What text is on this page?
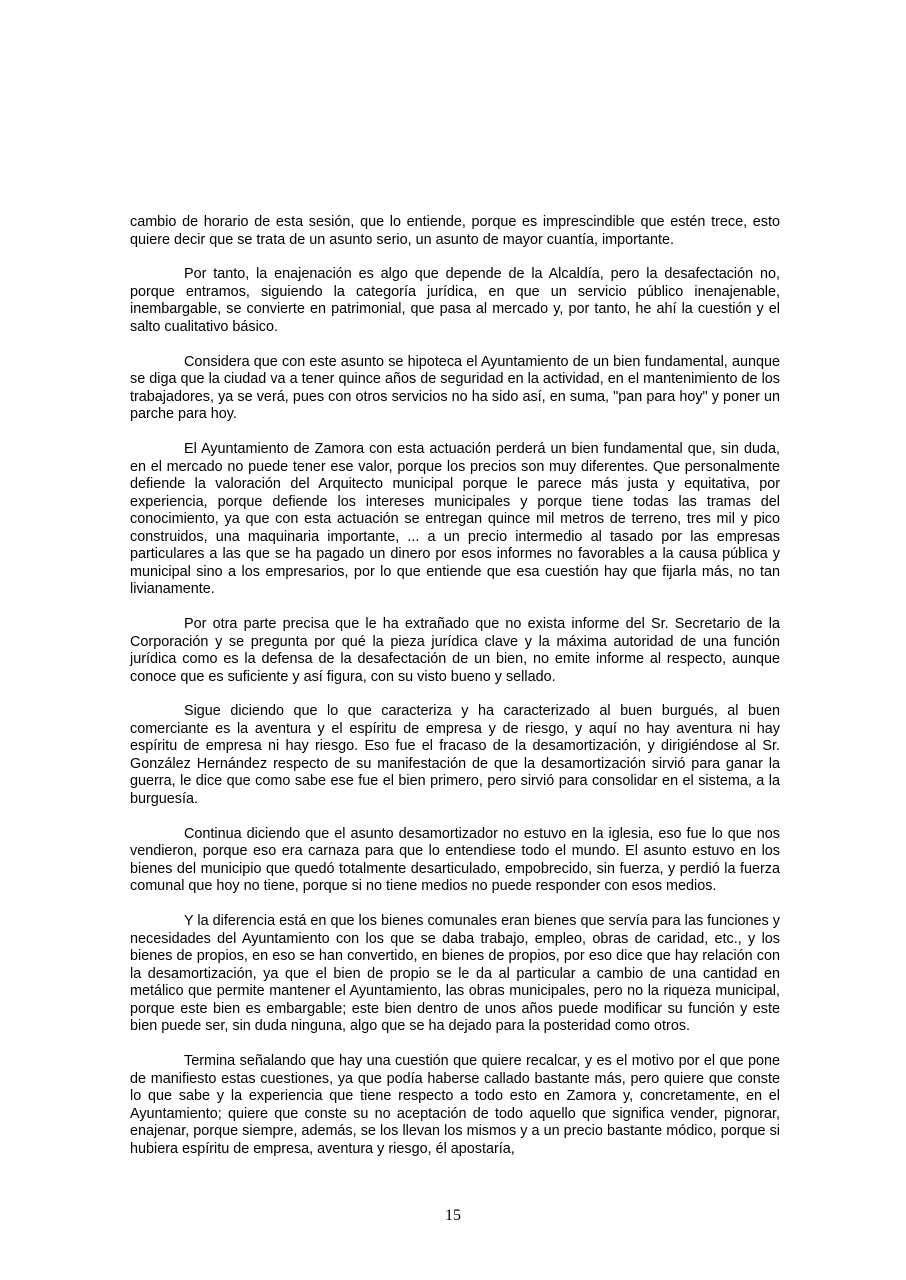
cambio de horario de esta sesión, que lo entiende, porque es imprescindible que estén trece, esto quiere decir que se trata de un asunto serio, un asunto de mayor cuantía, importante.

Por tanto, la enajenación es algo que depende de la Alcaldía, pero la desafectación no, porque entramos, siguiendo la categoría jurídica, en que un servicio público inenajenable, inembargable, se convierte en patrimonial, que pasa al mercado y, por tanto, he ahí la cuestión y el salto cualitativo básico.

Considera que con este asunto se hipoteca el Ayuntamiento de un bien fundamental, aunque se diga que la ciudad va a tener quince años de seguridad en la actividad, en el mantenimiento de los trabajadores, ya se verá, pues con otros servicios no ha sido así, en suma, "pan para hoy" y poner un parche para hoy.

El Ayuntamiento de Zamora con esta actuación perderá un bien fundamental que, sin duda, en el mercado no puede tener ese valor, porque los precios son muy diferentes. Que personalmente defiende la valoración del Arquitecto municipal porque le parece más justa y equitativa, por experiencia, porque defiende los intereses municipales y porque tiene todas las tramas del conocimiento, ya que con esta actuación se entregan quince mil metros de terreno, tres mil y pico construidos, una maquinaria importante, ... a un precio intermedio al tasado por las empresas particulares a las que se ha pagado un dinero por esos informes no favorables a la causa pública y municipal sino a los empresarios, por lo que entiende que esa cuestión hay que fijarla más, no tan livianamente.

Por otra parte precisa que le ha extrañado que no exista informe del Sr. Secretario de la Corporación y se pregunta por qué la pieza jurídica clave y la máxima autoridad de una función jurídica como es la defensa de la desafectación de un bien, no emite informe al respecto, aunque conoce que es suficiente y así figura, con su visto bueno y sellado.

Sigue diciendo que lo que caracteriza y ha caracterizado al buen burgués, al buen comerciante es la aventura y el espíritu de empresa y de riesgo, y aquí no hay aventura ni hay espíritu de empresa ni hay riesgo. Eso fue el fracaso de la desamortización, y dirigiéndose al Sr. González Hernández respecto de su manifestación de que la desamortización sirvió para ganar la guerra, le dice que como sabe ese fue el bien primero, pero sirvió para consolidar en el sistema, a la burguesía.

Continua diciendo que el asunto desamortizador no estuvo en la iglesia, eso fue lo que nos vendieron, porque eso era carnaza para que lo entendiese todo el mundo. El asunto estuvo en los bienes del municipio que quedó totalmente desarticulado, empobrecido, sin fuerza, y perdió la fuerza comunal que hoy no tiene, porque si no tiene medios no puede responder con esos medios.

Y la diferencia está en que los bienes comunales eran bienes que servía para las funciones y necesidades del Ayuntamiento con los que se daba trabajo, empleo, obras de caridad, etc., y los bienes de propios, en eso se han convertido, en bienes de propios, por eso dice que hay relación con la desamortización, ya que el bien de propio se le da al particular a cambio de una cantidad en metálico que permite mantener el Ayuntamiento, las obras municipales, pero no la riqueza municipal, porque este bien es embargable; este bien dentro de unos años puede modificar su función y este bien puede ser, sin duda ninguna, algo que se ha dejado para la posteridad como otros.

Termina señalando que hay una cuestión que quiere recalcar, y es el motivo por el que pone de manifiesto estas cuestiones, ya que podía haberse callado bastante más, pero quiere que conste lo que sabe y la experiencia que tiene respecto a todo esto en Zamora y, concretamente, en el Ayuntamiento; quiere que conste su no aceptación de todo aquello que significa vender, pignorar, enajenar, porque siempre, además, se los llevan los mismos y a un precio bastante módico, porque si hubiera espíritu de empresa, aventura y riesgo, él apostaría,

15
